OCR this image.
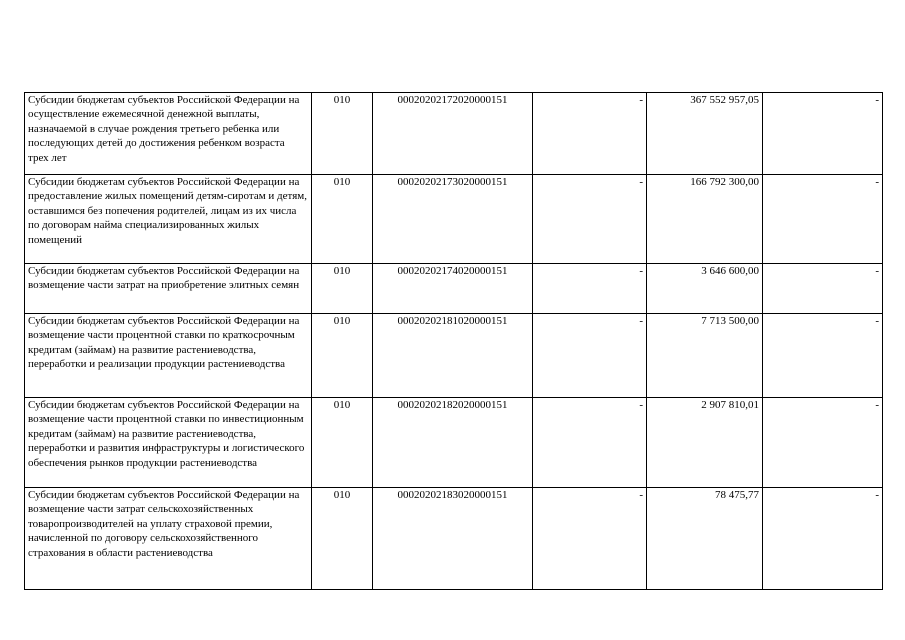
Субсидии бюджетам субъектов Российской Федерации на осуществление ежемесячной денежной выплаты, назначаемой в случае рождения третьего ребенка или последующих детей до достижения ребенком возраста трех лет	010	00020202172020000151	-	367 552 957,05	-
Субсидии бюджетам субъектов Российской Федерации на предоставление жилых помещений детям-сиротам и детям, оставшимся без попечения родителей, лицам из их числа по договорам найма специализированных жилых помещений	010	00020202173020000151	-	166 792 300,00	-
Субсидии бюджетам субъектов Российской Федерации на возмещение части затрат на приобретение элитных семян	010	00020202174020000151	-	3 646 600,00	-
Субсидии бюджетам субъектов Российской Федерации на возмещение части процентной ставки по краткосрочным кредитам (займам) на развитие растениеводства, переработки и реализации продукции растениеводства	010	00020202181020000151	-	7 713 500,00	-
Субсидии бюджетам субъектов Российской Федерации на возмещение части процентной ставки по инвестиционным кредитам (займам) на развитие растениеводства, переработки и развития инфраструктуры и логистического обеспечения рынков продукции растениеводства	010	00020202182020000151	-	2 907 810,01	-
Субсидии бюджетам субъектов Российской Федерации на возмещение части затрат сельскохозяйственных товаропроизводителей на уплату страховой премии, начисленной по договору сельскохозяйственного страхования в области растениеводства	010	00020202183020000151	-	78 475,77	-
